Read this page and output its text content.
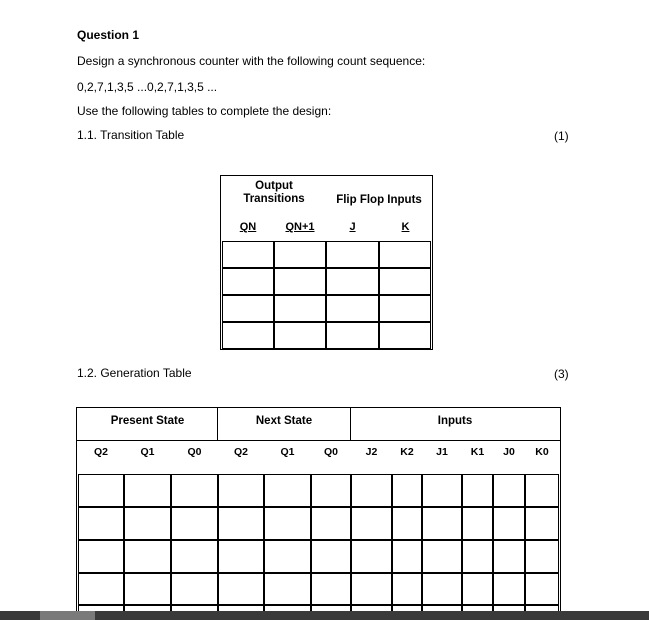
Question 1
Design a synchronous counter with the following count sequence:
0,2,7,1,3,5 ...0,2,7,1,3,5 ...
Use the following tables to complete the design:
1.1. Transition Table	(1)
Output
Transitions	Flip Flop Inputs
QN	QN+1	J	K
1.2. Generation Table	(3)
Present State	Next State	Inputs
Q2	Q1	Q0	Q2	Q1	Q0	J2	K2	J1	K1	J0	K0
